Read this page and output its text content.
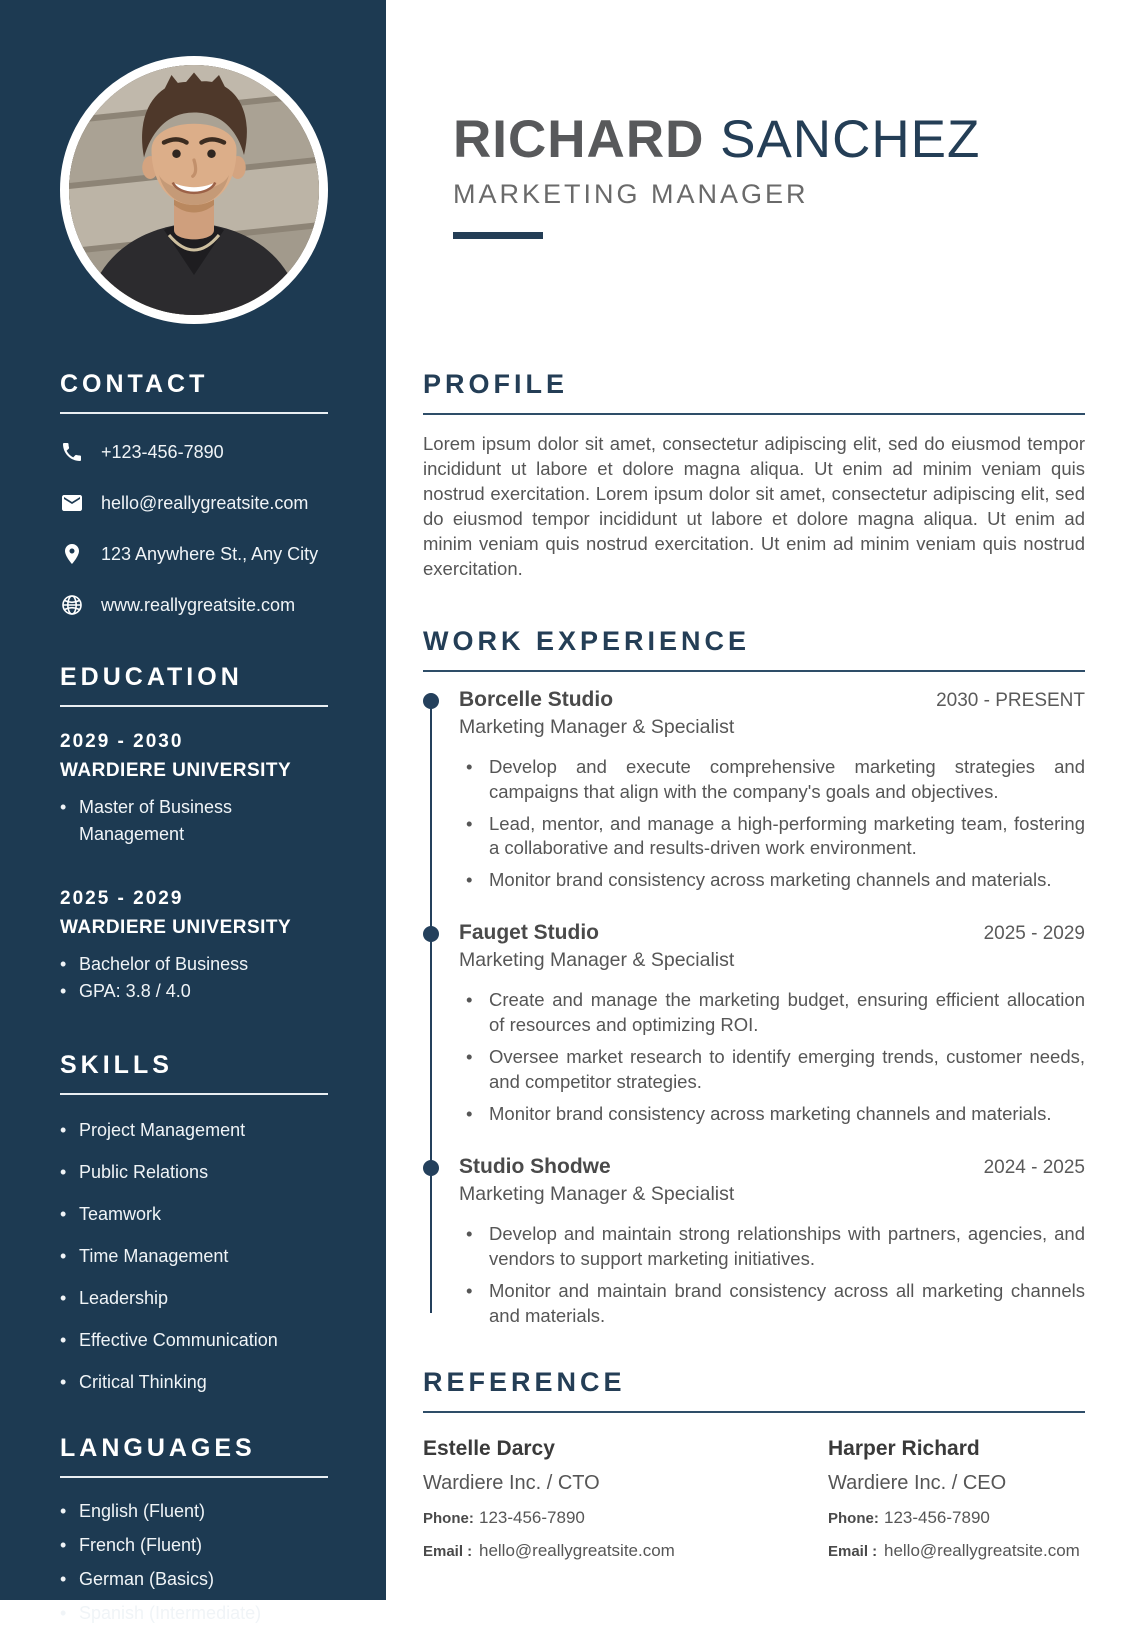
CONTACT
+123-456-7890
hello@reallygreatsite.com
123 Anywhere St., Any City
www.reallygreatsite.com
EDUCATION
2029 - 2030
WARDIERE UNIVERSITY
• Master of Business Management
2025 - 2029
WARDIERE UNIVERSITY
• Bachelor of Business
• GPA: 3.8 / 4.0
SKILLS
• Project Management
• Public Relations
• Teamwork
• Time Management
• Leadership
• Effective Communication
• Critical Thinking
LANGUAGES
• English (Fluent)
• French (Fluent)
• German (Basics)
• Spanish (Intermediate)
RICHARD SANCHEZ
MARKETING MANAGER
PROFILE

Lorem ipsum dolor sit amet, consectetur adipiscing elit, sed do eiusmod tempor incididunt ut labore et dolore magna aliqua. Ut enim ad minim veniam quis nostrud exercitation. Lorem ipsum dolor sit amet, consectetur adipiscing elit, sed do eiusmod tempor incididunt ut labore et dolore magna aliqua. Ut enim ad minim veniam quis nostrud exercitation. Ut enim ad minim veniam quis nostrud exercitation.

WORK EXPERIENCE
Borcelle Studio	2030 - PRESENT
Marketing Manager & Specialist
• Develop and execute comprehensive marketing strategies and campaigns that align with the company's goals and objectives.
• Lead, mentor, and manage a high-performing marketing team, fostering a collaborative and results-driven work environment.
• Monitor brand consistency across marketing channels and materials.
Fauget Studio	2025 - 2029
Marketing Manager & Specialist
• Create and manage the marketing budget, ensuring efficient allocation of resources and optimizing ROI.
• Oversee market research to identify emerging trends, customer needs, and competitor strategies.
• Monitor brand consistency across marketing channels and materials.
Studio Shodwe	2024 - 2025
Marketing Manager & Specialist
• Develop and maintain strong relationships with partners, agencies, and vendors to support marketing initiatives.
• Monitor and maintain brand consistency across all marketing channels and materials.
REFERENCE
Estelle Darcy
Wardiere Inc. / CTO
Phone: 123-456-7890
Email : hello@reallygreatsite.com
Harper Richard
Wardiere Inc. / CEO
Phone: 123-456-7890
Email : hello@reallygreatsite.com
